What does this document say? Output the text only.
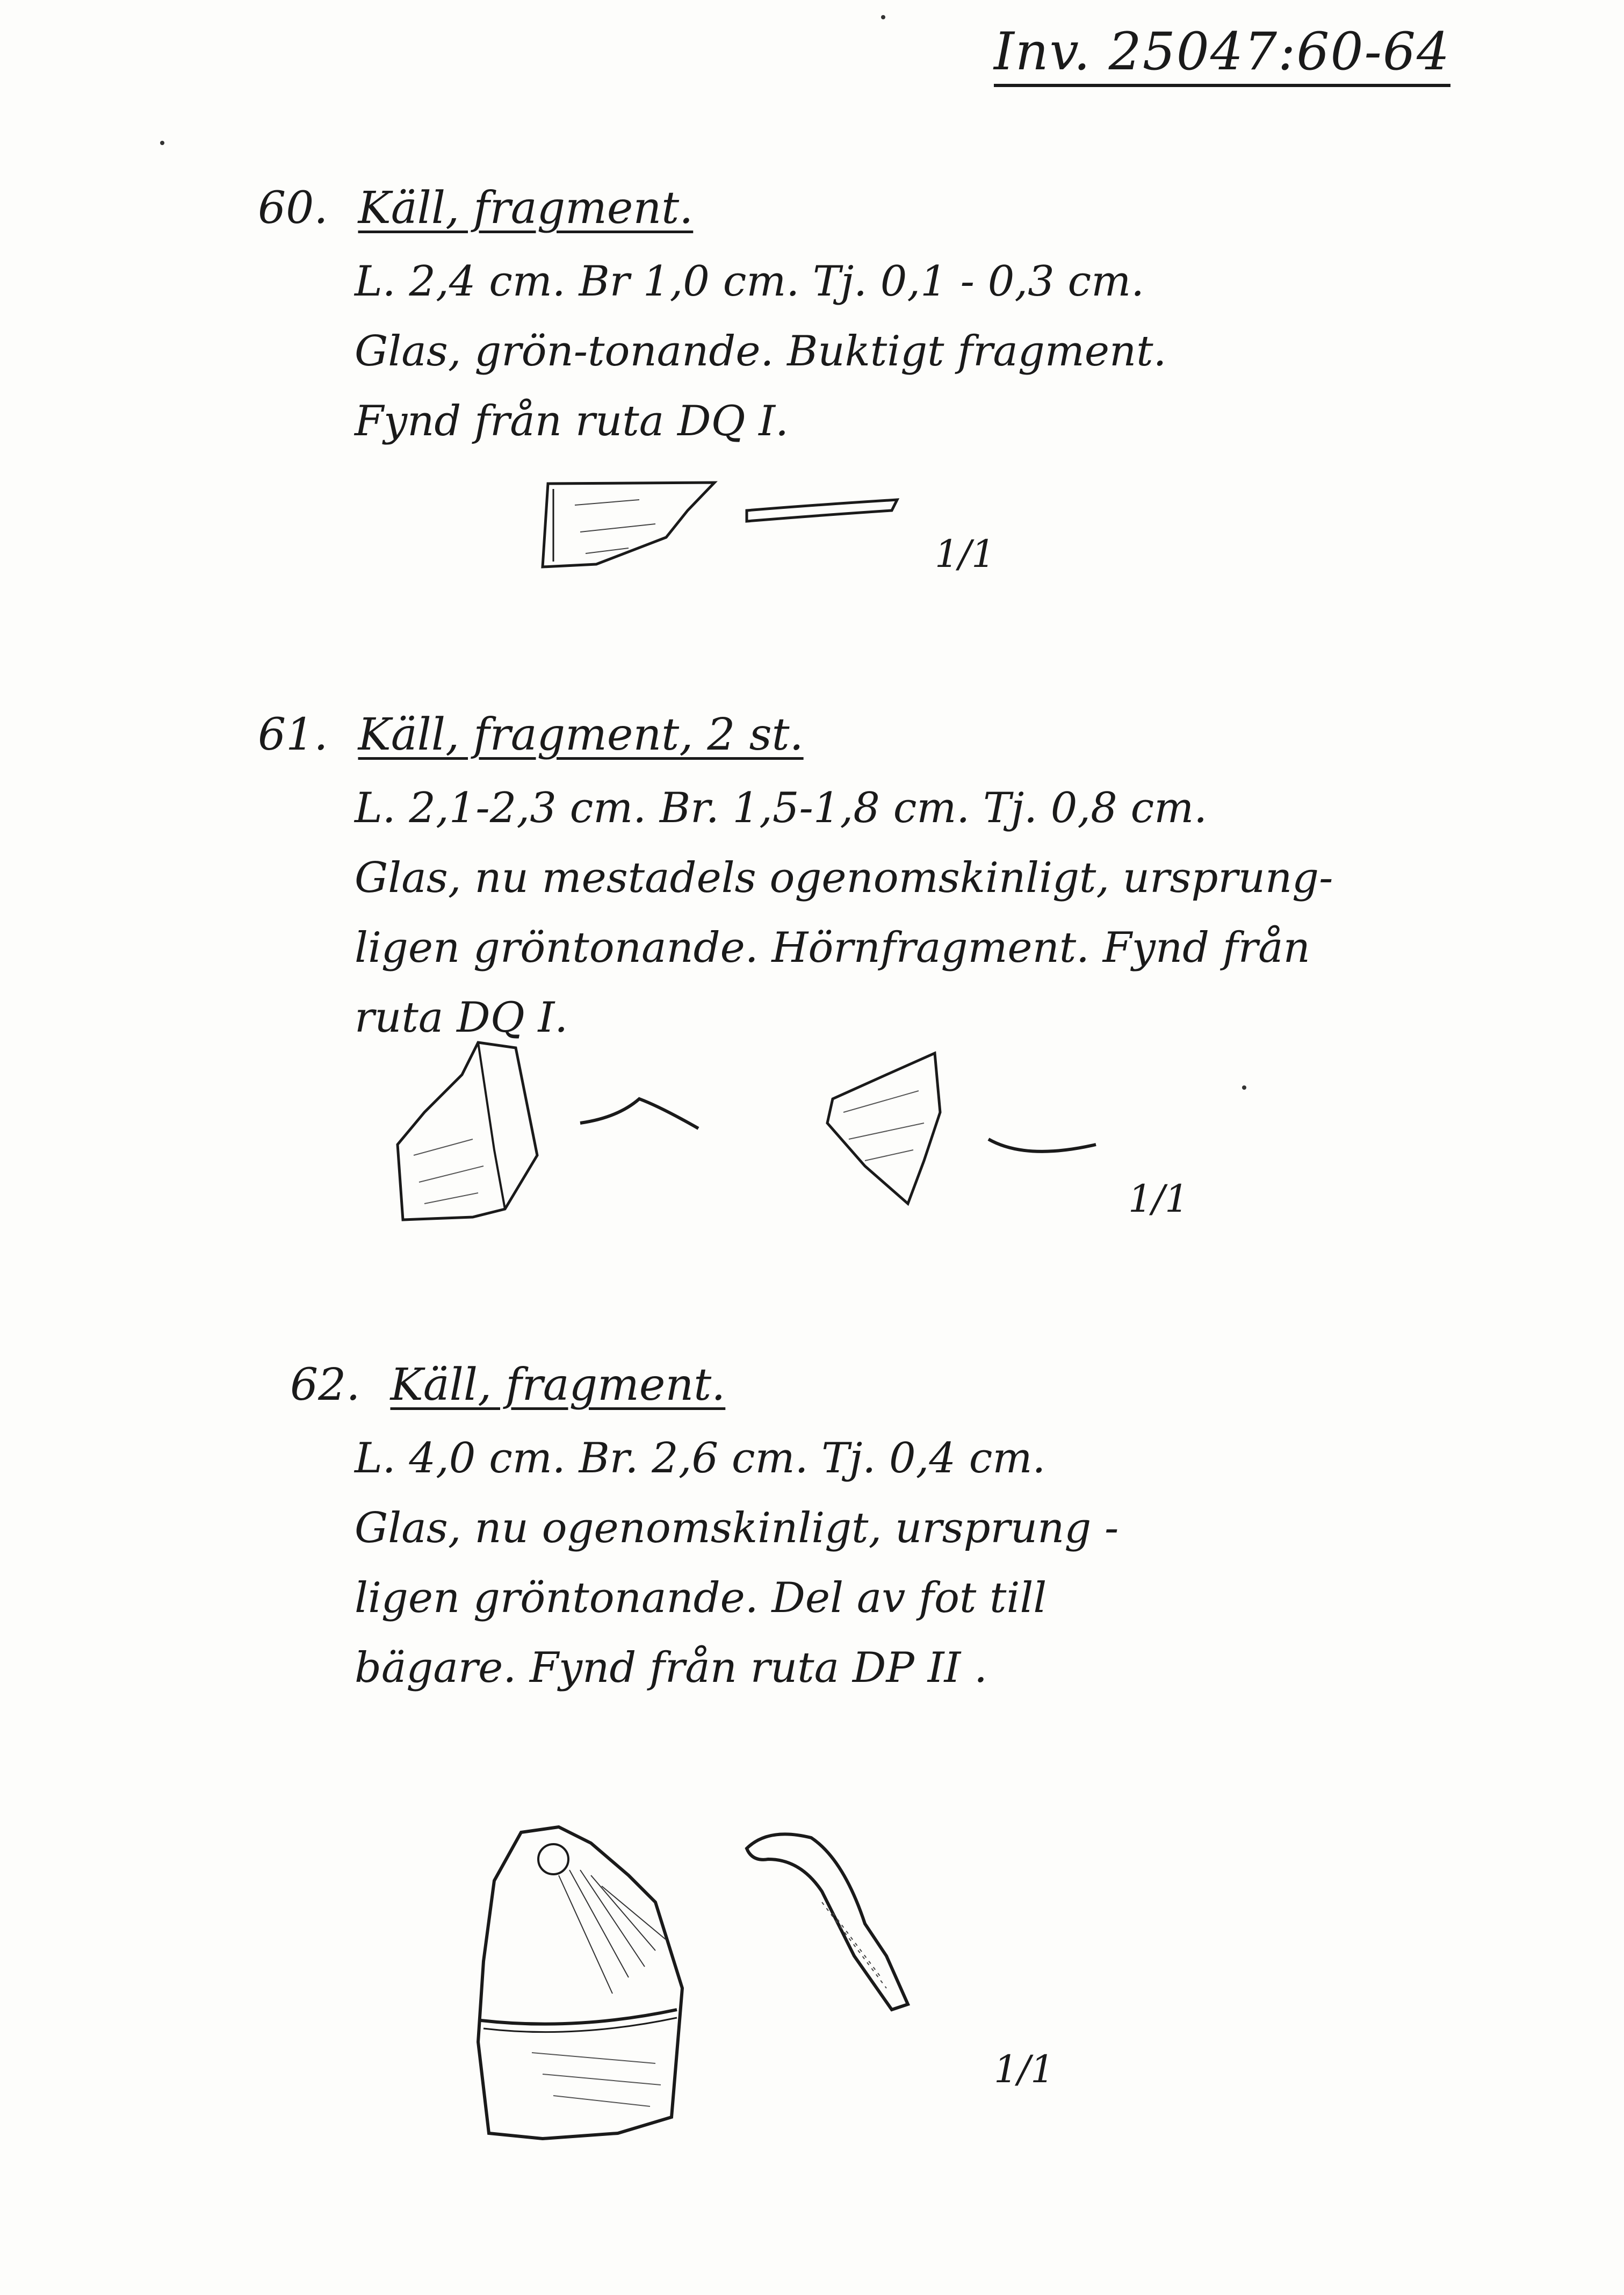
Inv. 25047:60-64
60. Käll, fragment.
L. 2,4 cm. Br 1,0 cm. Tj. 0,1 - 0,3 cm.
Glas, grön-tonande. Buktigt fragment.
Fynd från ruta DQ I.
1/1
61. Käll, fragment, 2 st.
L. 2,1-2,3 cm. Br. 1,5-1,8 cm. Tj. 0,8 cm.
Glas, nu mestadels ogenomskinligt, ursprung-
ligen gröntonande. Hörnfragment. Fynd från
ruta DQ I.
1/1
62. Käll, fragment.
L. 4,0 cm. Br. 2,6 cm. Tj. 0,4 cm.
Glas, nu ogenomskinligt, ursprung -
ligen gröntonande. Del av fot till
bägare. Fynd från ruta DP II .
1/1
